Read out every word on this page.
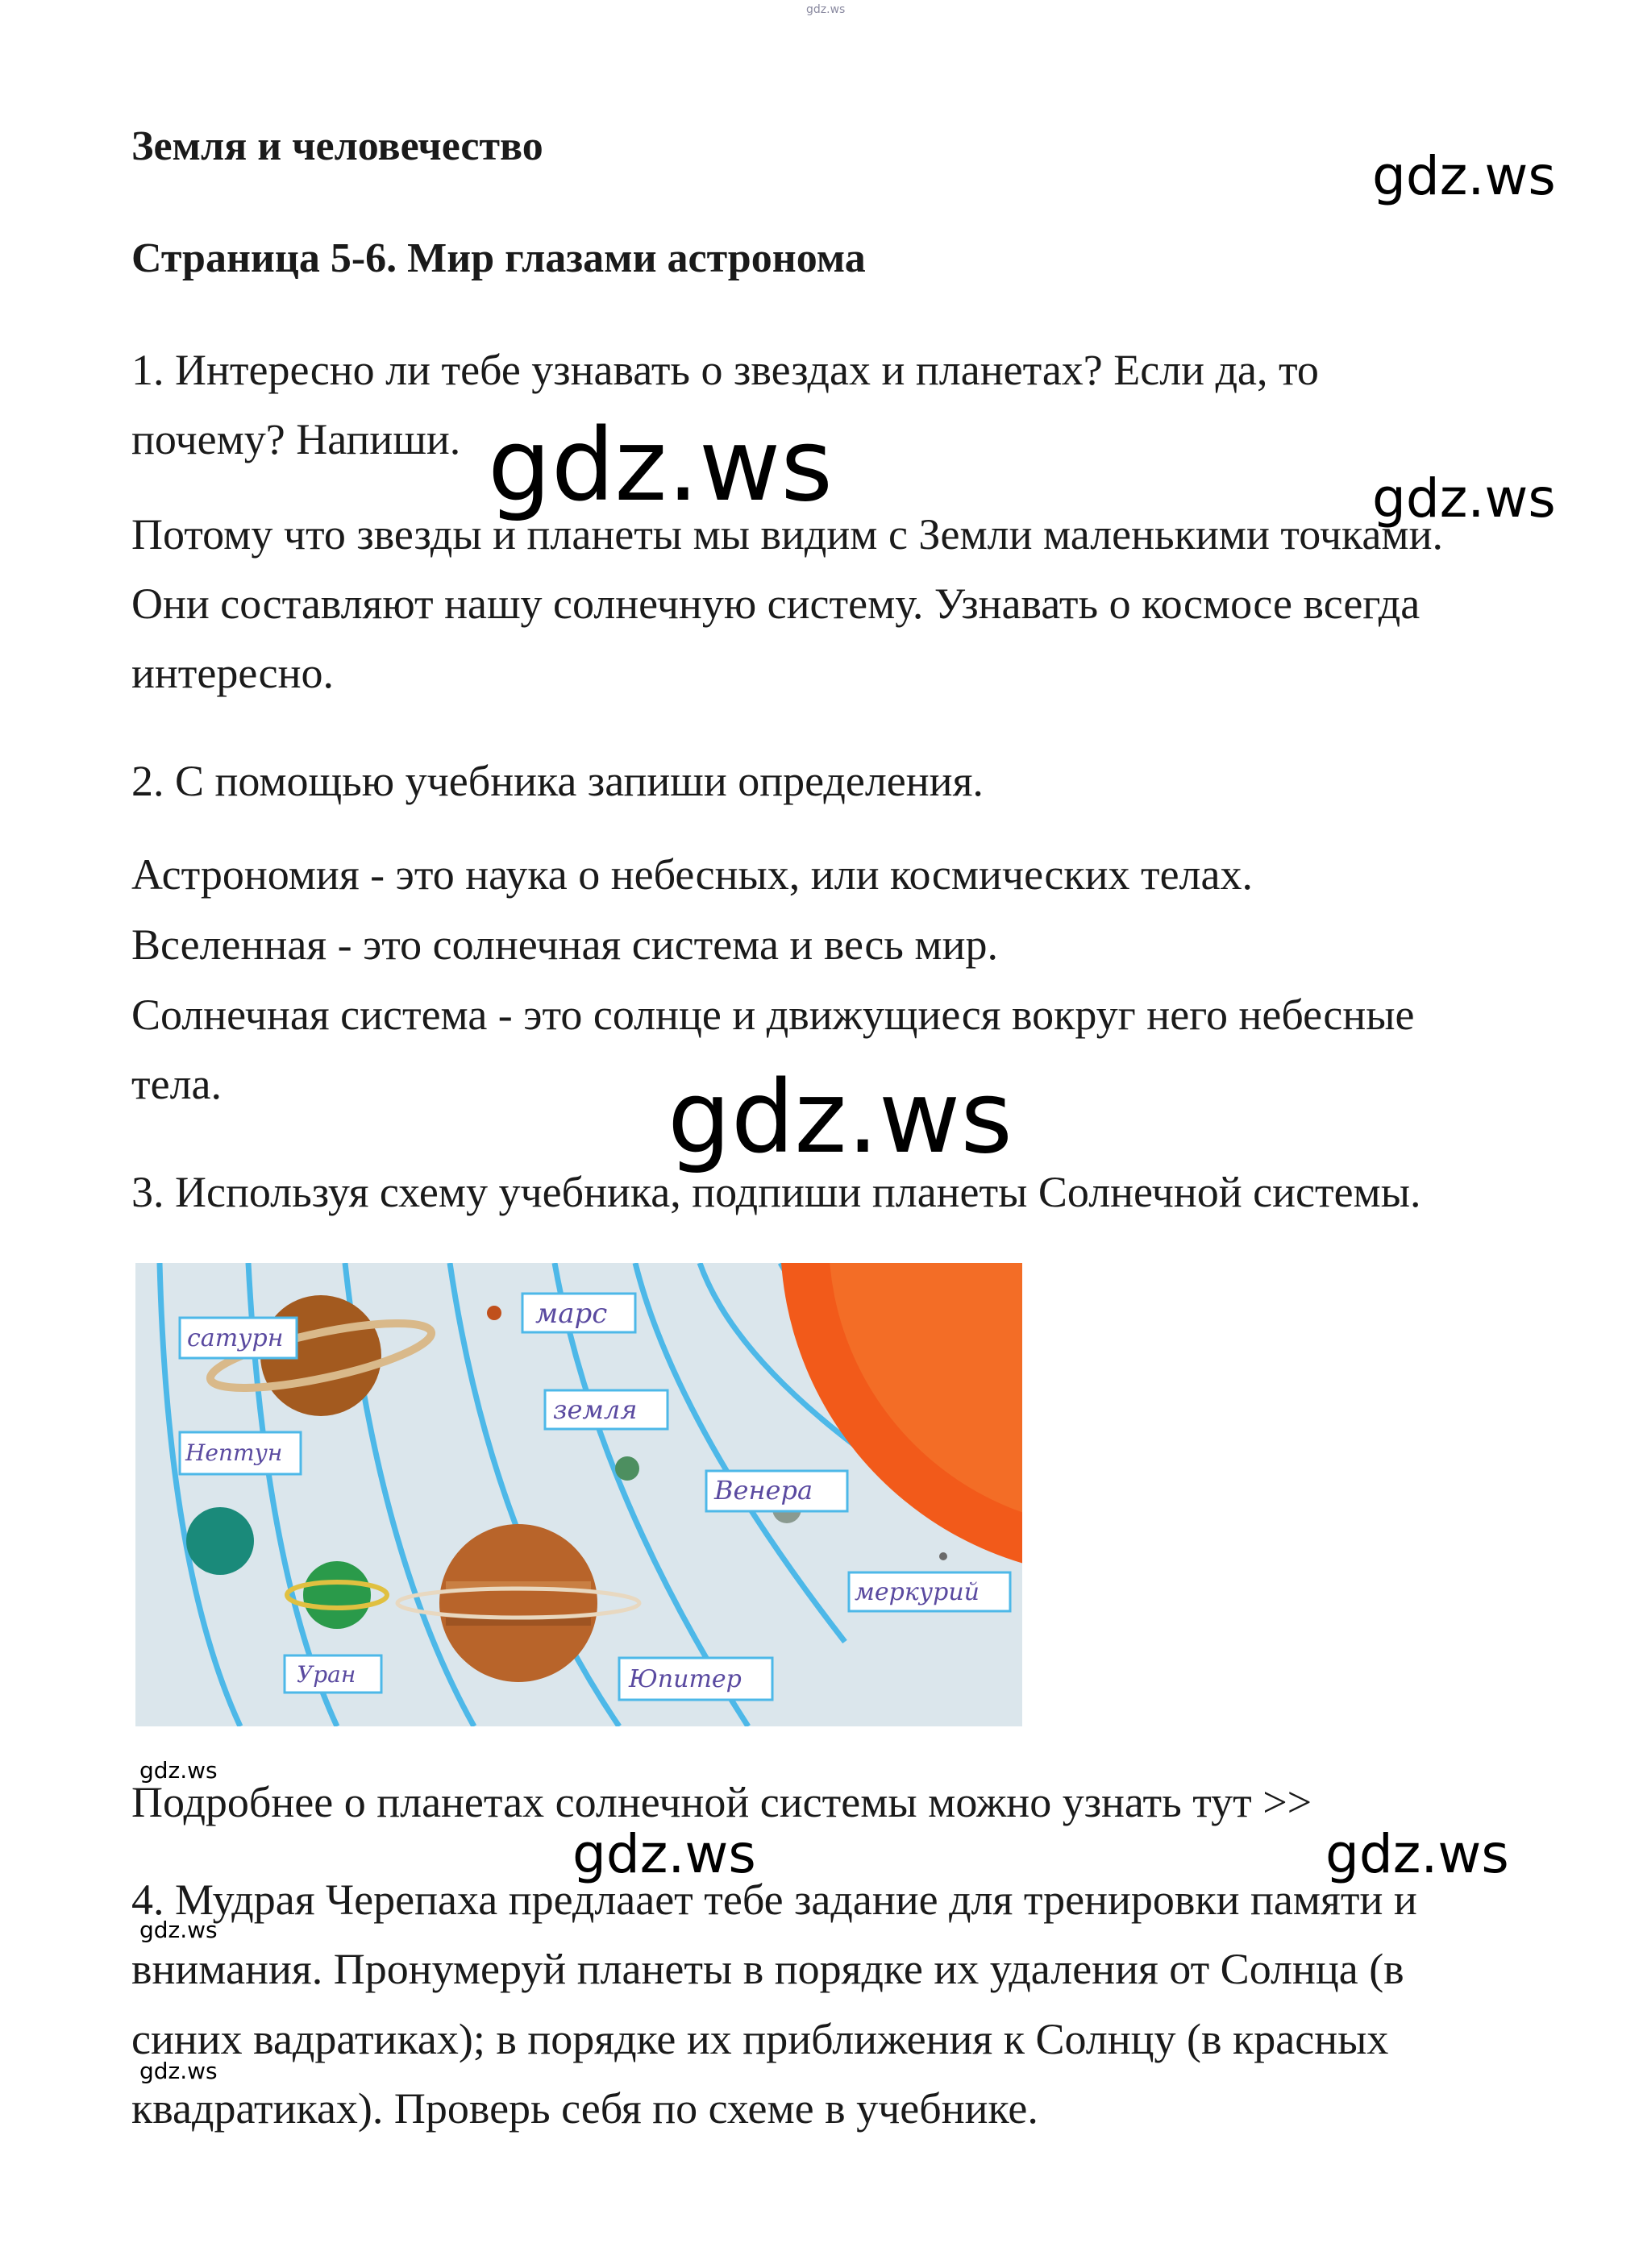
gdz.ws
Земля и человечество	gdz.ws
Страница 5-6. Мир глазами астронома
1. Интересно ли тебе узнавать о звездах и планетах? Если да, то
почему? Напиши. gdz.ws	gdz.ws
Потому что звезды и планеты мы видим с Земли маленькими точками.
Они составляют нашу солнечную систему. Узнавать о космосе всегда
интересно.
2. С помощью учебника запиши определения.
Астрономия - это наука о небесных, или космических телах.
Вселенная - это солнечная система и весь мир.
Солнечная система - это солнце и движущиеся вокруг него небесные
тела.	gdz.ws
3. Используя схему учебника, подпиши планеты Солнечной системы.
сатурн
марс
земля
Нептун
Венера
меркурий
Уран	Юпитер
gdz.ws
Подробнее о планетах солнечной системы можно узнать тут >>
gdz.ws	gdz.ws
4. Мудрая Черепаха предлаает тебе задание для тренировки памяти и
gdz.ws
внимания. Пронумеруй планеты в порядке их удаления от Солнца (в
синих вадратиках); в порядке их приближения к Солнцу (в красных
gdz.ws
квадратиках). Проверь себя по схеме в учебнике.
